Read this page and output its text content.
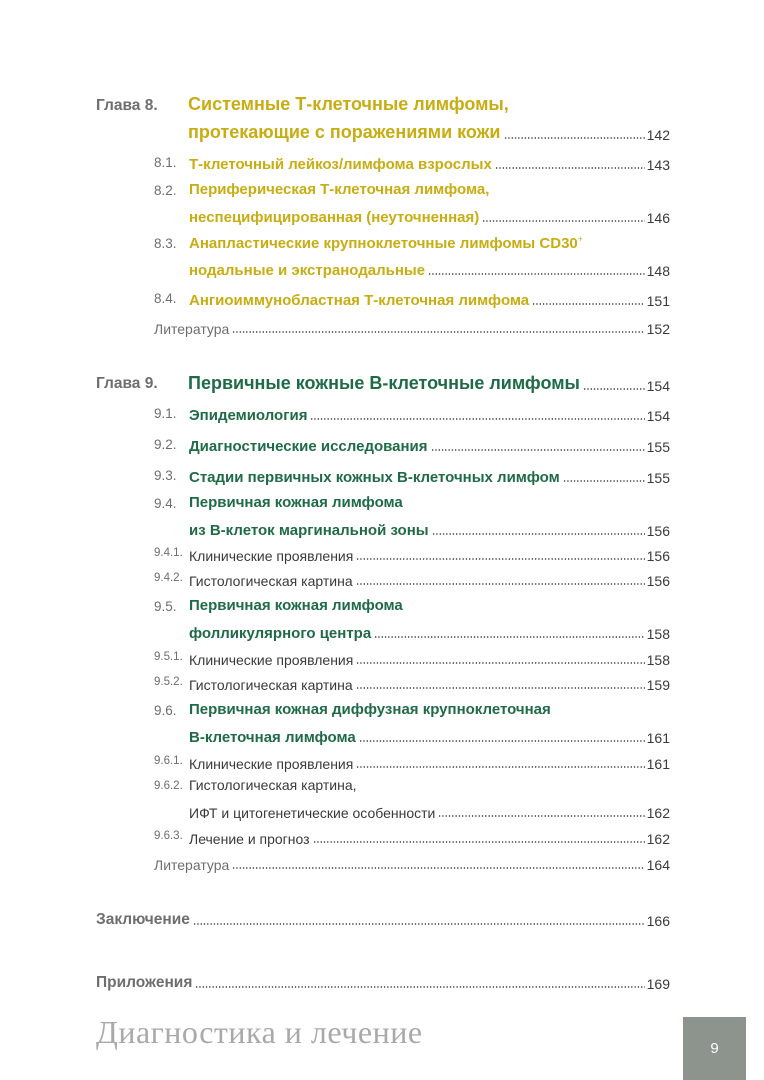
Глава 8. Системные Т-клеточные лимфомы,
протекающие с поражениями кожи	142
8.1. Т-клеточный лейкоз/лимфома взрослых	143
8.2. Периферическая Т-клеточная лимфома,
неспецифицированная (неуточненная)	146
8.3. Анапластические крупноклеточные лимфомы CD30+
нодальные и экстранодальные	148
8.4. Ангиоиммунобластная Т-клеточная лимфома	151
Литература	152
Глава 9. Первичные кожные В-клеточные лимфомы	154
9.1. Эпидемиология	154
9.2. Диагностические исследования	155
9.3. Стадии первичных кожных В-клеточных лимфом	155
9.4. Первичная кожная лимфома
из В-клеток маргинальной зоны	156
9.4.1. Клинические проявления	156
9.4.2. Гистологическая картина	156
9.5. Первичная кожная лимфома
фолликулярного центра	158
9.5.1. Клинические проявления	158
9.5.2. Гистологическая картина	159
9.6. Первичная кожная диффузная крупноклеточная
В-клеточная лимфома	161
9.6.1. Клинические проявления	161
9.6.2. Гистологическая картина,
ИФТ и цитогенетические особенности	162
9.6.3. Лечение и прогноз	162
Литература	164
Заключение	166
Приложения	169
Диагностика и лечение	9
